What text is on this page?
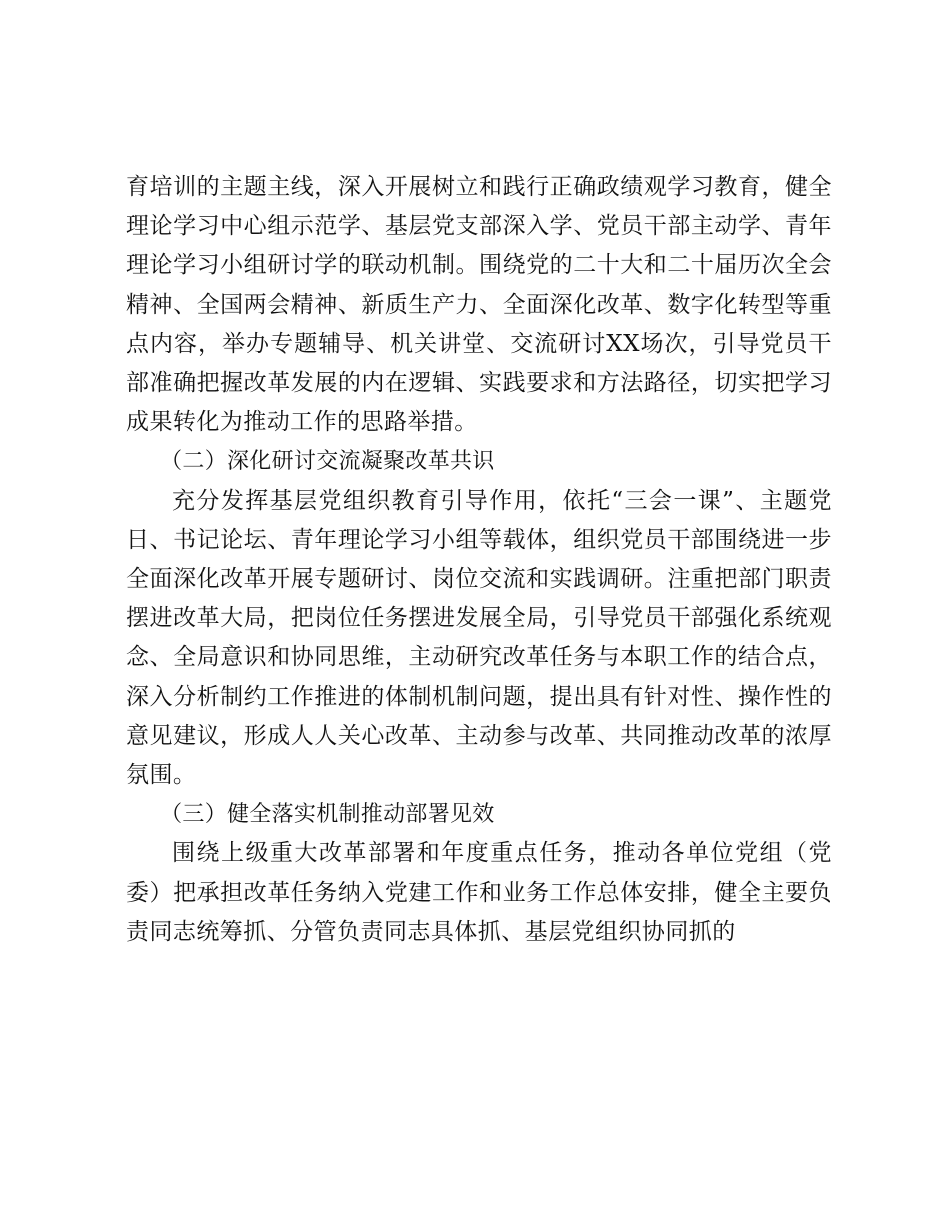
育培训的主题主线，深入开展树立和践行正确政绩观学习教育，健全理论学习中心组示范学、基层党支部深入学、党员干部主动学、青年理论学习小组研讨学的联动机制。围绕党的二十大和二十届历次全会精神、全国两会精神、新质生产力、全面深化改革、数字化转型等重点内容，举办专题辅导、机关讲堂、交流研讨XX场次，引导党员干部准确把握改革发展的内在逻辑、实践要求和方法路径，切实把学习成果转化为推动工作的思路举措。

（二）深化研讨交流凝聚改革共识

充分发挥基层党组织教育引导作用，依托“三会一课”、主题党日、书记论坛、青年理论学习小组等载体，组织党员干部围绕进一步全面深化改革开展专题研讨、岗位交流和实践调研。注重把部门职责摆进改革大局，把岗位任务摆进发展全局，引导党员干部强化系统观念、全局意识和协同思维，主动研究改革任务与本职工作的结合点，深入分析制约工作推进的体制机制问题，提出具有针对性、操作性的意见建议，形成人人关心改革、主动参与改革、共同推动改革的浓厚氛围。

（三）健全落实机制推动部署见效

围绕上级重大改革部署和年度重点任务，推动各单位党组（党委）把承担改革任务纳入党建工作和业务工作总体安排，健全主要负责同志统筹抓、分管负责同志具体抓、基层党组织协同抓的
